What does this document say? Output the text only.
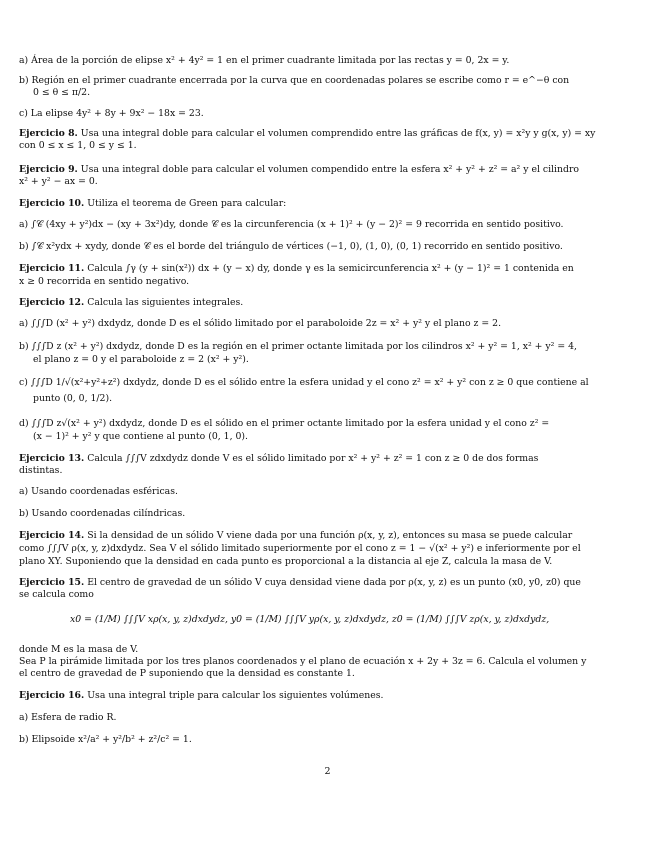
a) Área de la porción de elipse x² + 4y² = 1 en el primer cuadrante limitada por las rectas y = 0, 2x = y.
b) Región en el primer cuadrante encerrada por la curva que en coordenadas polares se escribe como r = e^−θ con
0 ≤ θ ≤ π/2.
c) La elipse 4y² + 8y + 9x² − 18x = 23.
Ejercicio 8. Usa una integral doble para calcular el volumen comprendido entre las gráficas de f(x, y) = x²y y g(x, y) = xy
con 0 ≤ x ≤ 1, 0 ≤ y ≤ 1.
Ejercicio 9. Usa una integral doble para calcular el volumen compendido entre la esfera x² + y² + z² = a² y el cilindro
x² + y² − ax = 0.
Ejercicio 10. Utiliza el teorema de Green para calcular:
a) ∫𝒞 (4xy + y²)dx − (xy + 3x²)dy, donde 𝒞 es la circunferencia (x + 1)² + (y − 2)² = 9 recorrida en sentido positivo.
b) ∫𝒞 x²ydx + xydy, donde 𝒞 es el borde del triángulo de vértices (−1, 0), (1, 0), (0, 1) recorrido en sentido positivo.
Ejercicio 11. Calcula ∫γ (y + sin(x²)) dx + (y − x) dy, donde γ es la semicircunferencia x² + (y − 1)² = 1 contenida en
x ≥ 0 recorrida en sentido negativo.
Ejercicio 12. Calcula las siguientes integrales.
a) ∫∫∫D (x² + y²) dxdydz, donde D es el sólido limitado por el paraboloide 2z = x² + y² y el plano z = 2.
b) ∫∫∫D z (x² + y²) dxdydz, donde D es la región en el primer octante limitada por los cilindros x² + y² = 1, x² + y² = 4,
el plano z = 0 y el paraboloide z = 2 (x² + y²).
c) ∫∫∫D 1/√(x²+y²+z²) dxdydz, donde D es el sólido entre la esfera unidad y el cono z² = x² + y² con z ≥ 0 que contiene al
punto (0, 0, 1/2).
d) ∫∫∫D z√(x² + y²) dxdydz, donde D es el sólido en el primer octante limitado por la esfera unidad y el cono z² =
(x − 1)² + y² y que contiene al punto (0, 1, 0).
Ejercicio 13. Calcula ∫∫∫V zdxdydz donde V es el sólido limitado por x² + y² + z² = 1 con z ≥ 0 de dos formas
distintas.
a) Usando coordenadas esféricas.
b) Usando coordenadas cilíndricas.
Ejercicio 14. Si la densidad de un sólido V viene dada por una función ρ(x, y, z), entonces su masa se puede calcular
como ∫∫∫V ρ(x, y, z)dxdydz. Sea V el sólido limitado superiormente por el cono z = 1 − √(x² + y²) e inferiormente por el
plano XY. Suponiendo que la densidad en cada punto es proporcional a la distancia al eje Z, calcula la masa de V.
Ejercicio 15. El centro de gravedad de un sólido V cuya densidad viene dada por ρ(x, y, z) es un punto (x0, y0, z0) que
se calcula como
x0 = (1/M) ∫∫∫V xρ(x, y, z)dxdydz, y0 = (1/M) ∫∫∫V yρ(x, y, z)dxdydz, z0 = (1/M) ∫∫∫V zρ(x, y, z)dxdydz,
donde M es la masa de V.
Sea P la pirámide limitada por los tres planos coordenados y el plano de ecuación x + 2y + 3z = 6. Calcula el volumen y
el centro de gravedad de P suponiendo que la densidad es constante 1.
Ejercicio 16. Usa una integral triple para calcular los siguientes volúmenes.
a) Esfera de radio R.
b) Elipsoide x²/a² + y²/b² + z²/c² = 1.
2
